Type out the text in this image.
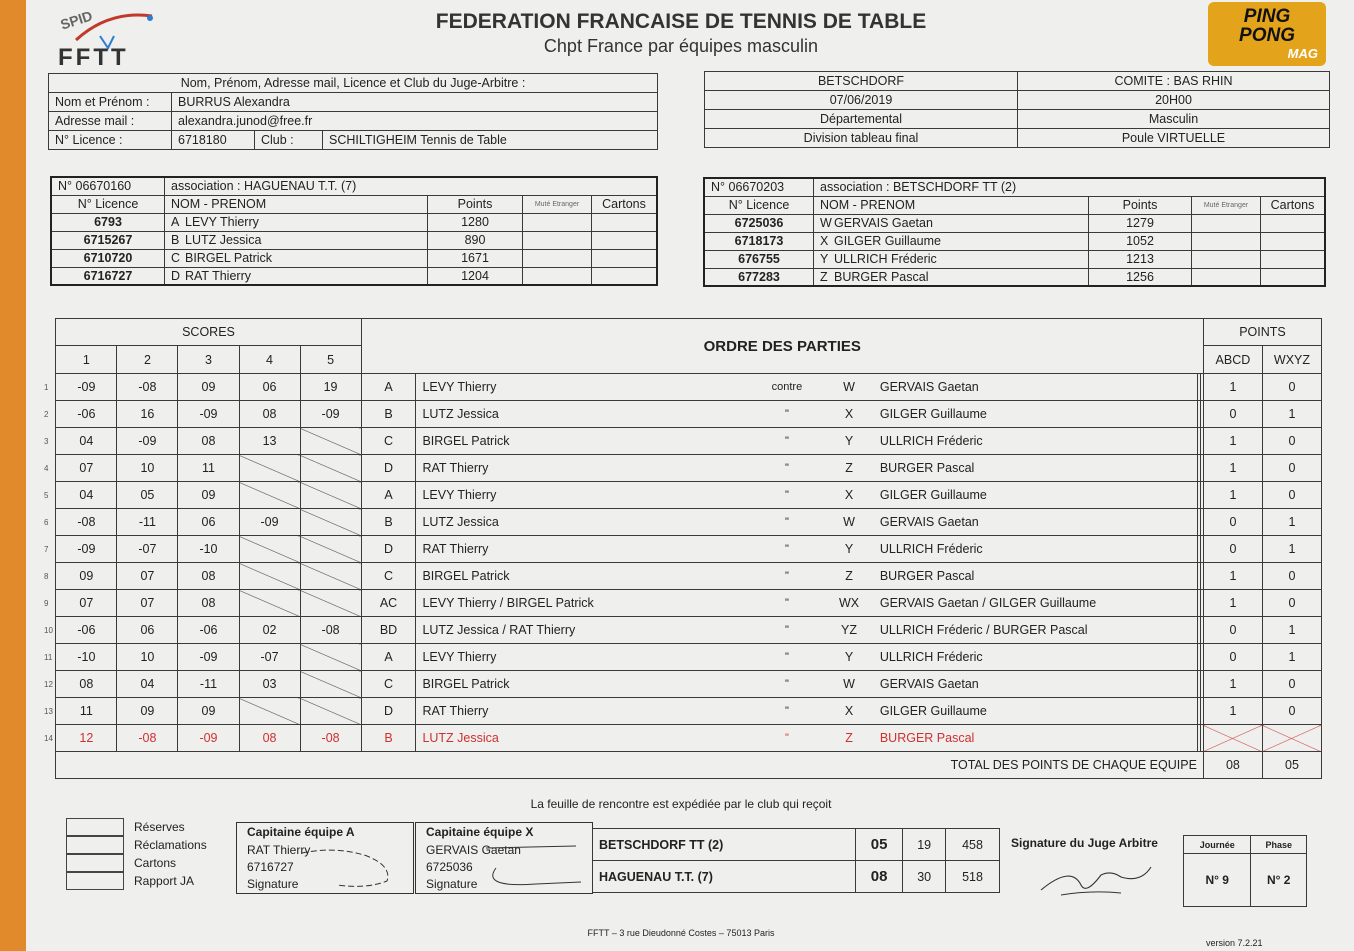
SPID
FFTT
FEDERATION FRANCAISE DE TENNIS DE TABLE
Chpt France par équipes masculin
PING
PONG
MAG
Nom, Prénom, Adresse mail, Licence et Club du Juge-Arbitre :			
Nom et Prénom :	BURRUS Alexandra		
Adresse mail :	alexandra.junod@free.fr		
N° Licence :	6718180	Club :	SCHILTIGHEIM Tennis de Table
BETSCHDORF	COMITE : BAS RHIN
07/06/2019	20H00
Départemental	Masculin
Division tableau final	Poule VIRTUELLE
N° 06670160	association : HAGUENAU T.T. (7)			
N° Licence	NOM - PRENOM	Points	Muté Etranger	Cartons
6793	A LEVY Thierry	1280		
6715267	B LUTZ Jessica	890		
6710720	C BIRGEL Patrick	1671		
6716727	D RAT Thierry	1204		
N° 06670203	association : BETSCHDORF TT (2)			
N° Licence	NOM - PRENOM	Points	Muté Etranger	Cartons
6725036	W GERVAIS Gaetan	1279		
6718173	X GILGER Guillaume	1052		
676755	Y ULLRICH Fréderic	1213		
677283	Z BURGER Pascal	1256		
	SCORES					ORDRE DES PARTIES							POINTS	
	1	2	3	4	5								ABCD	WXYZ
1	-09	-08	09	06	19	A	LEVY Thierry	contre	W	GERVAIS Gaetan			1	0
2	-06	16	-09	08	-09	B	LUTZ Jessica	"	X	GILGER Guillaume			0	1
3	04	-09	08	13		C	BIRGEL Patrick	"	Y	ULLRICH Fréderic			1	0
4	07	10	11			D	RAT Thierry	"	Z	BURGER Pascal			1	0
5	04	05	09			A	LEVY Thierry	"	X	GILGER Guillaume			1	0
6	-08	-11	06	-09		B	LUTZ Jessica	"	W	GERVAIS Gaetan			0	1
7	-09	-07	-10			D	RAT Thierry	"	Y	ULLRICH Fréderic			0	1
8	09	07	08			C	BIRGEL Patrick	"	Z	BURGER Pascal			1	0
9	07	07	08			AC	LEVY Thierry / BIRGEL Patrick	"	WX	GERVAIS Gaetan / GILGER Guillaume			1	0
10	-06	06	-06	02	-08	BD	LUTZ Jessica / RAT Thierry	"	YZ	ULLRICH Fréderic / BURGER Pascal			0	1
11	-10	10	-09	-07		A	LEVY Thierry	"	Y	ULLRICH Fréderic			0	1
12	08	04	-11	03		C	BIRGEL Patrick	"	W	GERVAIS Gaetan			1	0
13	11	09	09			D	RAT Thierry	"	X	GILGER Guillaume			1	0
14	12	-08	-09	08	-08	B	LUTZ Jessica	"	Z	BURGER Pascal				
	TOTAL DES POINTS DE CHAQUE EQUIPE												08	05
La feuille de rencontre est expédiée par le club qui reçoit
Réserves
Réclamations
Cartons
Rapport JA
Capitaine équipe A
RAT Thierry
6716727
Signature
Capitaine équipe X
GERVAIS Gaetan
6725036
Signature
BETSCHDORF TT (2)	05	19	458
HAGUENAU T.T. (7)	08	30	518
Signature du Juge Arbitre	Journée	Phase
N° 9	N° 2
FFTT – 3 rue Dieudonné Costes – 75013 Paris
version 7.2.21
